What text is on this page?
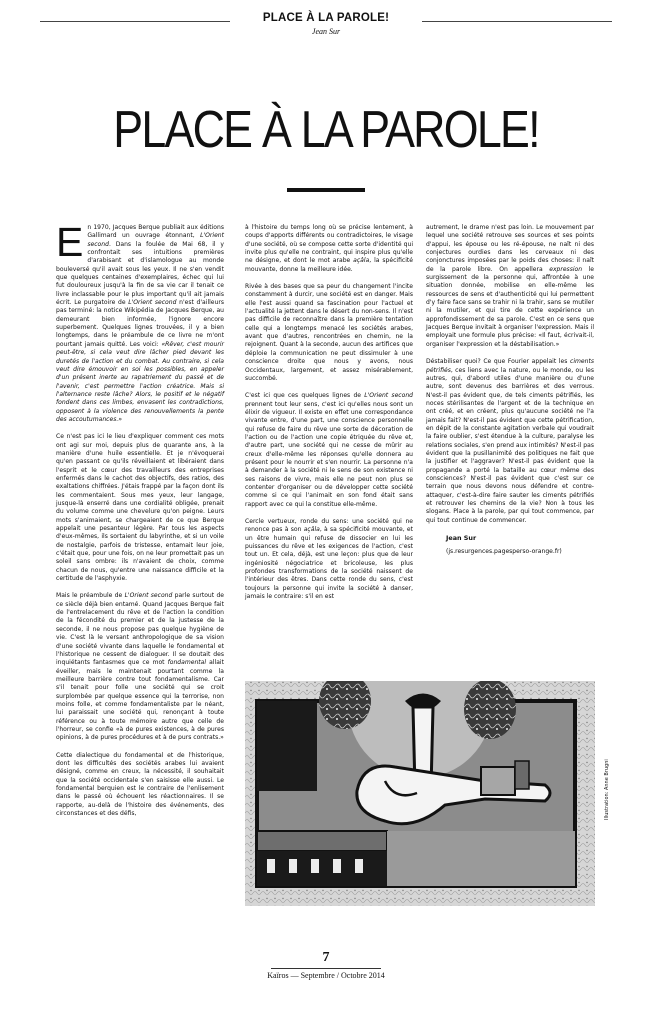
PLACE À LA PAROLE!
Jean Sur
PLACE À LA PAROLE!

En 1970, Jacques Berque publiait aux éditions Gallimard un ouvrage étonnant, L'Orient second. Dans la foulée de Mai 68, il y confrontait ses intuitions premières d'arabisant et d'islamologue au monde bouleversé qu'il avait sous les yeux. Il ne s'en vendit que quelques centaines d'exemplaires, échec qui lui fut douloureux jusqu'à la fin de sa vie car il tenait ce livre inclassable pour le plus important qu'il ait jamais écrit. Le purgatoire de L'Orient second n'est d'ailleurs pas terminé: la notice Wikipédia de Jacques Berque, au demeurant bien informée, l'ignore encore superbement. Quelques lignes trouvées, il y a bien longtemps, dans le préambule de ce livre ne m'ont pourtant jamais quitté. Les voici: «Rêver, c'est mourir peut-être, si cela veut dire lâcher pied devant les duretés de l'action et du combat. Au contraire, si cela veut dire émouvoir en soi les possibles, en appeler d'un présent inerte au rapatriement du passé et de l'avenir, c'est permettre l'action créatrice. Mais si l'alternance reste lâche? Alors, le positif et le négatif fondent dans ces limbes, envasent les contradictions, opposent à la violence des renouvellements la pente des accoutumances.»

Ce n'est pas ici le lieu d'expliquer comment ces mots ont agi sur moi, depuis plus de quarante ans, à la manière d'une huile essentielle. Et je n'évoquerai qu'en passant ce qu'ils réveillaient et libéraient dans l'esprit et le cœur des travailleurs des entreprises enfermés dans le cachot des objectifs, des ratios, des exaltations chiffrées. J'étais frappé par la façon dont ils les commentaient. Sous mes yeux, leur langage, jusque-là enserré dans une cordialité obligée, prenait du volume comme une chevelure qu'on peigne. Leurs mots s'animaient, se chargeaient de ce que Berque appelait une pesanteur légère. Par tous les aspects d'eux-mêmes, ils sortaient du labyrinthe, et si un voile de nostalgie, parfois de tristesse, entamait leur joie, c'était que, pour une fois, on ne leur promettait pas un soleil sans ombre: ils n'avaient de choix, comme chacun de nous, qu'entre une naissance difficile et la certitude de l'asphyxie.

Mais le préambule de L'Orient second parle surtout de ce siècle déjà bien entamé. Quand Jacques Berque fait de l'entrelacement du rêve et de l'action la condition de la fécondité du premier et de la justesse de la seconde, il ne nous propose pas quelque hygiène de vie. C'est là le versant anthropologique de sa vision d'une société vivante dans laquelle le fondamental et l'historique ne cessent de dialoguer. Il se doutait des inquiétants fantasmes que ce mot fondamental allait éveiller, mais le maintenait pourtant comme la meilleure barrière contre tout fondamentalisme. Car s'il tenait pour folle une société qui se croit surplombée par quelque essence qui la terrorise, non moins folle, et comme fondamentaliste par le néant, lui paraissait une société qui, renonçant à toute référence ou à toute mémoire autre que celle de l'horreur, se confie «à de pures existences, à de pures opinions, à de pures procédures et à de purs contrats.»

Cette dialectique du fondamental et de l'historique, dont les difficultés des sociétés arabes lui avaient désigné, comme en creux, la nécessité, il souhaitait que la société occidentale s'en saisisse elle aussi. Le fondamental berquien est le contraire de l'enlisement dans le passé où échouent les réactionnaires. Il se rapporte, au-delà de l'histoire des événements, des circonstances et des défis,

à l'histoire du temps long où se précise lentement, à coups d'apports différents ou contradictoires, le visage d'une société, où se compose cette sorte d'identité qui invite plus qu'elle ne contraint, qui inspire plus qu'elle ne désigne, et dont le mot arabe açâla, la spécificité mouvante, donne la meilleure idée.

Rivée à des bases que sa peur du changement l'incite constamment à durcir, une société est en danger. Mais elle l'est aussi quand sa fascination pour l'actuel et l'actualité la jettent dans le désert du non-sens. Il n'est pas difficile de reconnaître dans la première tentation celle qui a longtemps menacé les sociétés arabes, avant que d'autres, rencontrées en chemin, ne la rejoignent. Quant à la seconde, aucun des artifices que déploie la communication ne peut dissimuler à une conscience droite que nous y avons, nous Occidentaux, largement, et assez misérablement, succombé.

C'est ici que ces quelques lignes de L'Orient second prennent tout leur sens, c'est ici qu'elles nous sont un élixir de vigueur. Il existe en effet une correspondance vivante entre, d'une part, une conscience personnelle qui refuse de faire du rêve une sorte de décoration de l'action ou de l'action une copie étriquée du rêve et, d'autre part, une société qui ne cesse de mûrir au creux d'elle-même les réponses qu'elle donnera au présent pour le nourrir et s'en nourrir. La personne n'a à demander à la société ni le sens de son existence ni ses raisons de vivre, mais elle ne peut non plus se contenter d'organiser ou de développer cette société comme si ce qui l'animait en son fond était sans rapport avec ce qui la constitue elle-même.

Cercle vertueux, ronde du sens: une société qui ne renonce pas à son açâla, à sa spécificité mouvante, et un être humain qui refuse de dissocier en lui les puissances du rêve et les exigences de l'action, c'est tout un. Et cela, déjà, est une leçon: plus que de leur ingéniosité négociatrice et bricoleuse, les plus profondes transformations de la société naissent de l'intérieur des êtres. Dans cette ronde du sens, c'est toujours la personne qui invite la société à danser, jamais le contraire: s'il en est

autrement, le drame n'est pas loin. Le mouvement par lequel une société retrouve ses sources et ses points d'appui, les épouse ou les ré-épouse, ne naît ni des conjectures ourdies dans les cerveaux ni des conjonctures imposées par le poids des choses: il naît de la parole libre. On appellera expression le surgissement de la personne qui, affrontée à une situation donnée, mobilise en elle-même les ressources de sens et d'authenticité qui lui permettent d'y faire face sans se trahir ni la trahir, sans se mutiler ni la mutiler, et qui tire de cette expérience un approfondissement de sa parole. C'est en ce sens que Jacques Berque invitait à organiser l'expression. Mais il employait une formule plus précise: «Il faut, écrivait-il, organiser l'expression et la déstabilisation.»

Déstabiliser quoi? Ce que Fourier appelait les ciments pétrifiés, ces liens avec la nature, ou le monde, ou les autres, qui, d'abord utiles d'une manière ou d'une autre, sont devenus des barrières et des verrous. N'est-il pas évident que, de tels ciments pétrifiés, les noces stérilisantes de l'argent et de la technique en ont créé, et en créent, plus qu'aucune société ne l'a jamais fait? N'est-il pas évident que cette pétrification, en dépit de la constante agitation verbale qui voudrait la faire oublier, s'est étendue à la culture, paralyse les relations sociales, s'en prend aux intimités? N'est-il pas évident que la pusillanimité des politiques ne fait que la justifier et l'aggraver? N'est-il pas évident que la propagande a porté la bataille au cœur même des consciences? N'est-il pas évident que c'est sur ce terrain que nous devons nous défendre et contre-attaquer, c'est-à-dire faire sauter les ciments pétrifiés et retrouver les chemins de la vie? Non à tous les slogans. Place à la parole, par qui tout commence, par qui tout continue de commencer.

Jean Sur
(js.resurgences.pagesperso-orange.fr)
Illustration: Anne Brugni
7
Kaïros — Septembre / Octobre 2014
